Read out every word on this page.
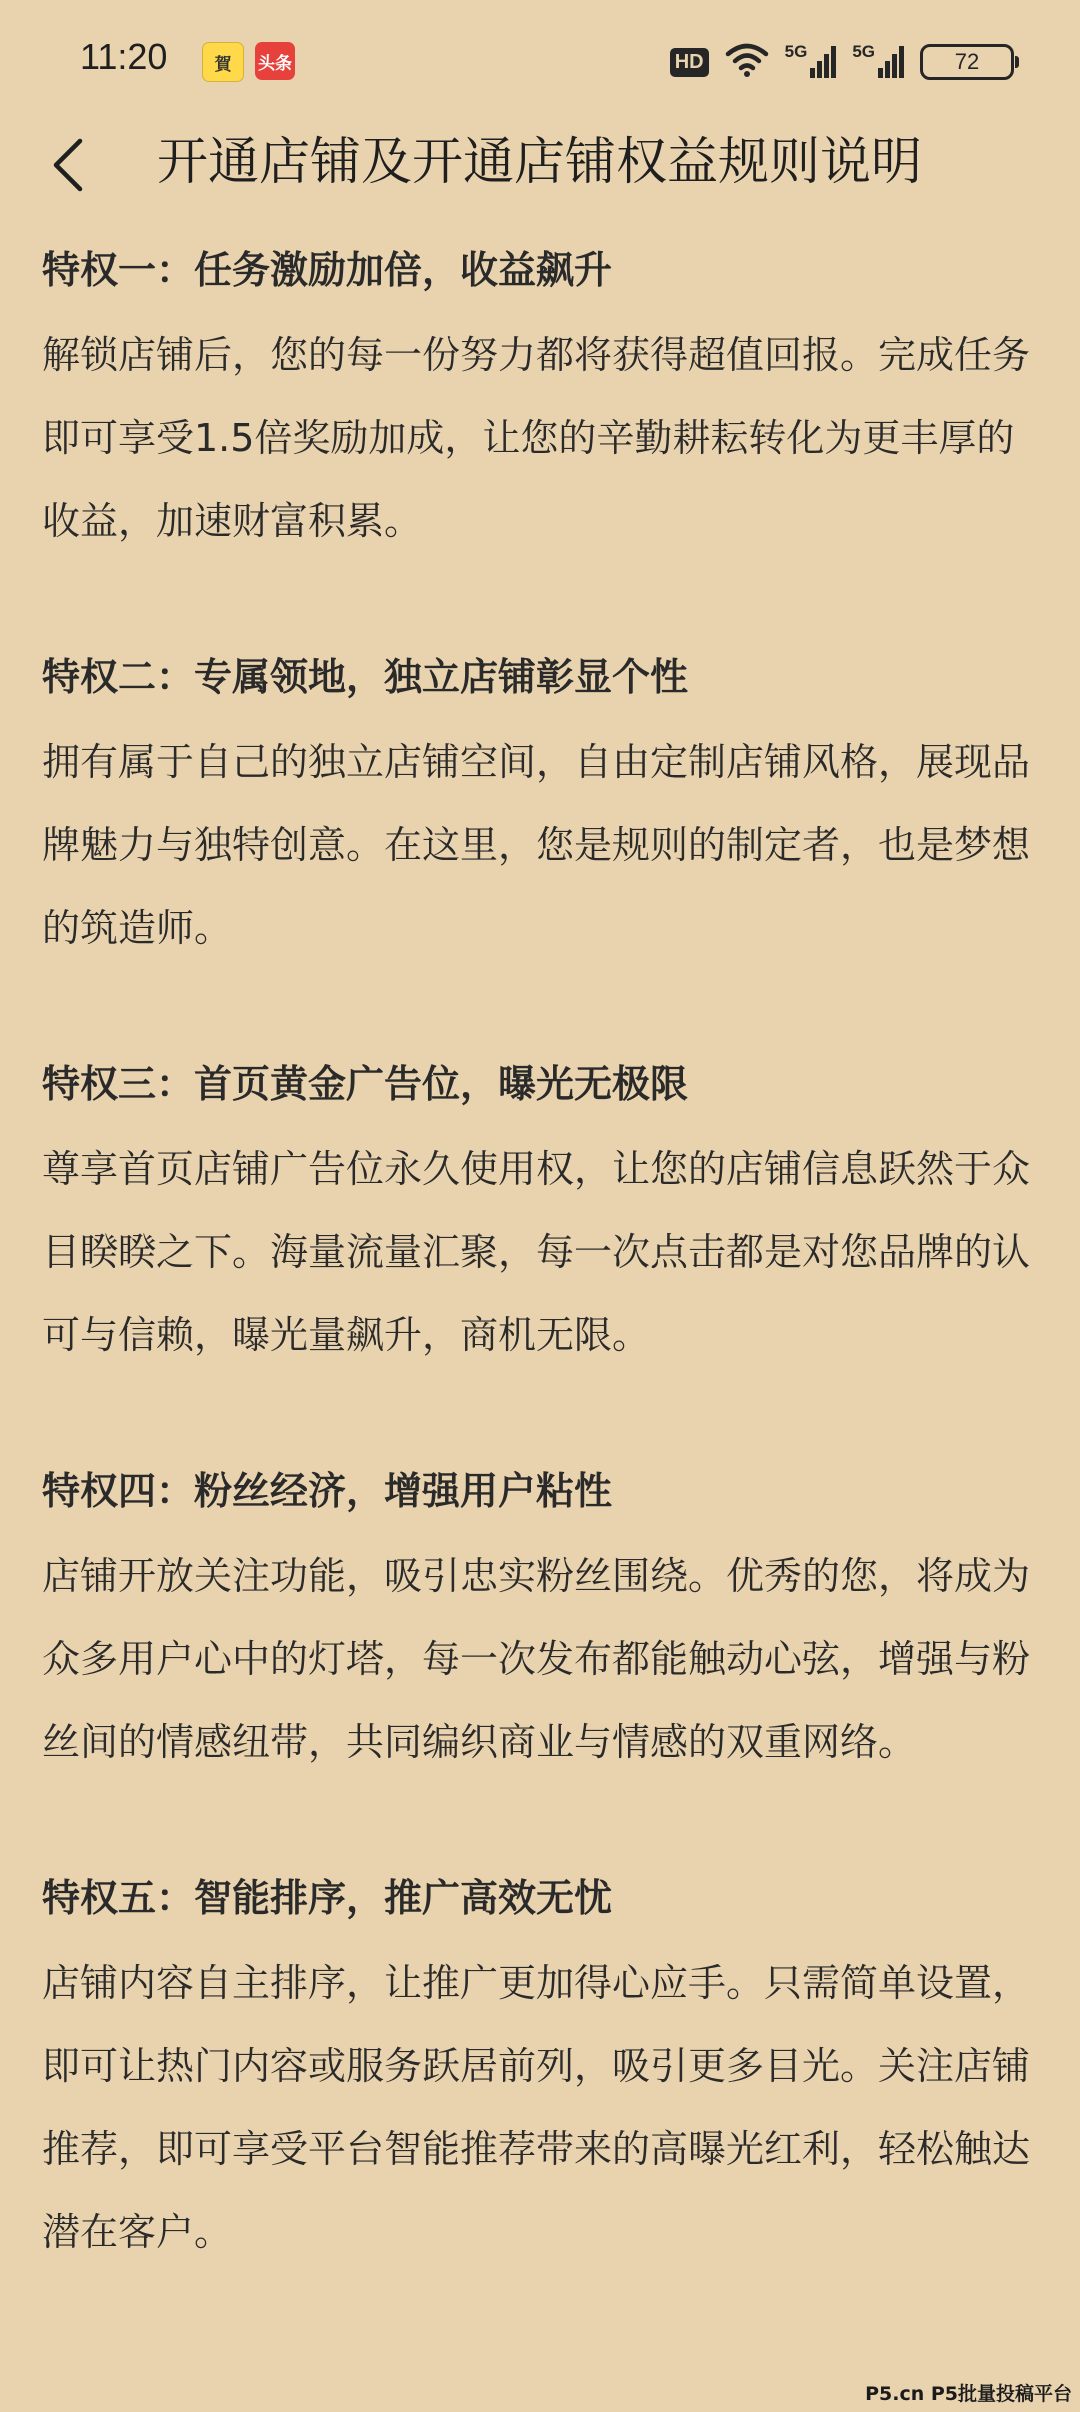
11:20	賀	头条	HD	5G	5G	72
开通店铺及开通店铺权益规则说明
特权一：任务激励加倍，收益飙升

解锁店铺后，您的每一份努力都将获得超值回报。完成任务即可享受1.5倍奖励加成，让您的辛勤耕耘转化为更丰厚的收益，加速财富积累。

特权二：专属领地，独立店铺彰显个性

拥有属于自己的独立店铺空间，自由定制店铺风格，展现品牌魅力与独特创意。在这里，您是规则的制定者，也是梦想的筑造师。

特权三：首页黄金广告位，曝光无极限

尊享首页店铺广告位永久使用权，让您的店铺信息跃然于众目睽睽之下。海量流量汇聚，每一次点击都是对您品牌的认可与信赖，曝光量飙升，商机无限。

特权四：粉丝经济，增强用户粘性

店铺开放关注功能，吸引忠实粉丝围绕。优秀的您，将成为众多用户心中的灯塔，每一次发布都能触动心弦，增强与粉丝间的情感纽带，共同编织商业与情感的双重网络。

特权五：智能排序，推广高效无忧

店铺内容自主排序，让推广更加得心应手。只需简单设置，即可让热门内容或服务跃居前列，吸引更多目光。关注店铺推荐，即可享受平台智能推荐带来的高曝光红利，轻松触达潜在客户。

P5.cn P5批量投稿平台
